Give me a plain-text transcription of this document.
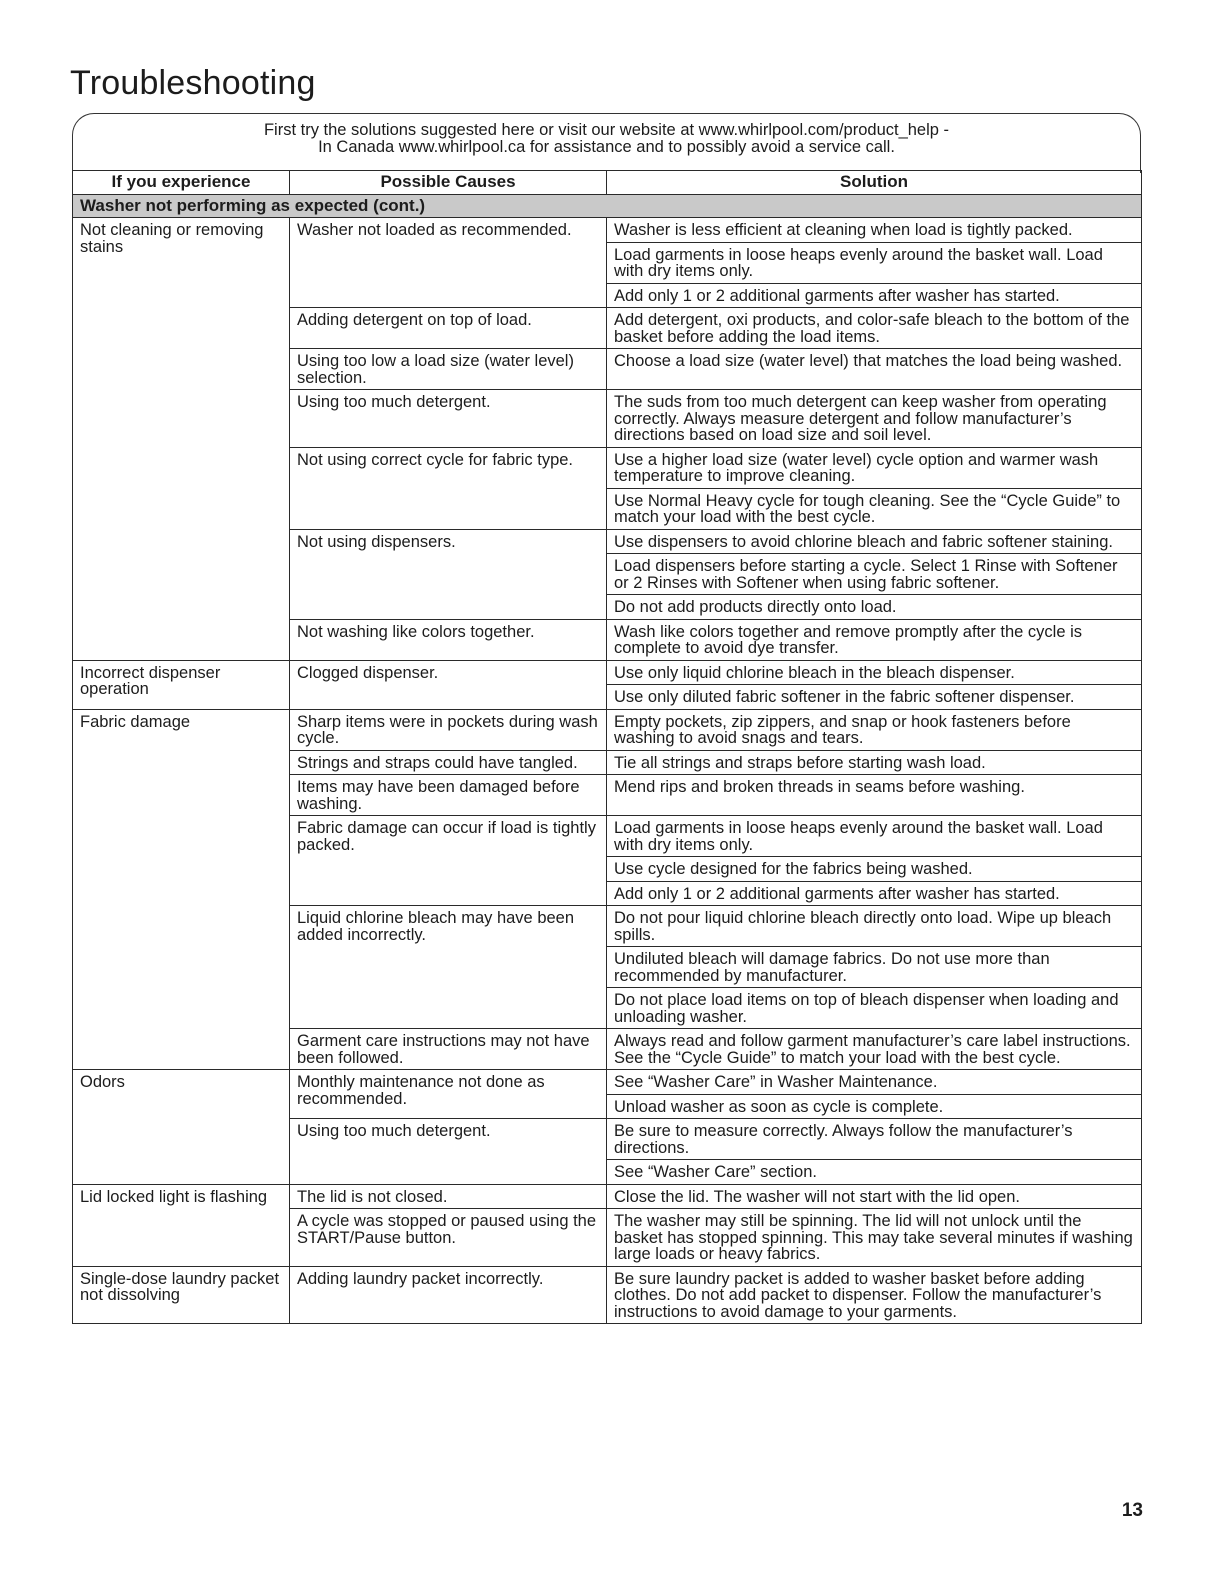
Troubleshooting
First try the solutions suggested here or visit our website at www.whirlpool.com/product_help -
In Canada www.whirlpool.ca for assistance and to possibly avoid a service call.
If you experience	Possible Causes	Solution
Washer not performing as expected (cont.)		
Not cleaning or removing stains	Washer not loaded as recommended.	Washer is less efficient at cleaning when load is tightly packed.
		Load garments in loose heaps evenly around the basket wall. Load with dry items only.
		Add only 1 or 2 additional garments after washer has started.
	Adding detergent on top of load.	Add detergent, oxi products, and color-safe bleach to the bottom of the basket before adding the load items.
	Using too low a load size (water level) selection.	Choose a load size (water level) that matches the load being washed.
	Using too much detergent.	The suds from too much detergent can keep washer from operating correctly. Always measure detergent and follow manufacturer’s directions based on load size and soil level.
	Not using correct cycle for fabric type.	Use a higher load size (water level) cycle option and warmer wash temperature to improve cleaning.
		Use Normal Heavy cycle for tough cleaning. See the “Cycle Guide” to match your load with the best cycle.
	Not using dispensers.	Use dispensers to avoid chlorine bleach and fabric softener staining.
		Load dispensers before starting a cycle. Select 1 Rinse with Softener or 2 Rinses with Softener when using fabric softener.
		Do not add products directly onto load.
	Not washing like colors together.	Wash like colors together and remove promptly after the cycle is complete to avoid dye transfer.
Incorrect dispenser operation	Clogged dispenser.	Use only liquid chlorine bleach in the bleach dispenser.
		Use only diluted fabric softener in the fabric softener dispenser.
Fabric damage	Sharp items were in pockets during wash cycle.	Empty pockets, zip zippers, and snap or hook fasteners before washing to avoid snags and tears.
	Strings and straps could have tangled.	Tie all strings and straps before starting wash load.
	Items may have been damaged before washing.	Mend rips and broken threads in seams before washing.
	Fabric damage can occur if load is tightly packed.	Load garments in loose heaps evenly around the basket wall. Load with dry items only.
		Use cycle designed for the fabrics being washed.
		Add only 1 or 2 additional garments after washer has started.
	Liquid chlorine bleach may have been added incorrectly.	Do not pour liquid chlorine bleach directly onto load. Wipe up bleach spills.
		Undiluted bleach will damage fabrics. Do not use more than recommended by manufacturer.
		Do not place load items on top of bleach dispenser when loading and unloading washer.
	Garment care instructions may not have been followed.	Always read and follow garment manufacturer’s care label instructions. See the “Cycle Guide” to match your load with the best cycle.
Odors	Monthly maintenance not done as recommended.	See “Washer Care” in Washer Maintenance.
		Unload washer as soon as cycle is complete.
	Using too much detergent.	Be sure to measure correctly. Always follow the manufacturer’s directions.
		See “Washer Care” section.
Lid locked light is flashing	The lid is not closed.	Close the lid. The washer will not start with the lid open.
	A cycle was stopped or paused using the START/Pause button.	The washer may still be spinning. The lid will not unlock until the basket has stopped spinning. This may take several minutes if washing large loads or heavy fabrics.
Single-dose laundry packet not dissolving	Adding laundry packet incorrectly.	Be sure laundry packet is added to washer basket before adding clothes. Do not add packet to dispenser. Follow the manufacturer’s instructions to avoid damage to your garments.
13
